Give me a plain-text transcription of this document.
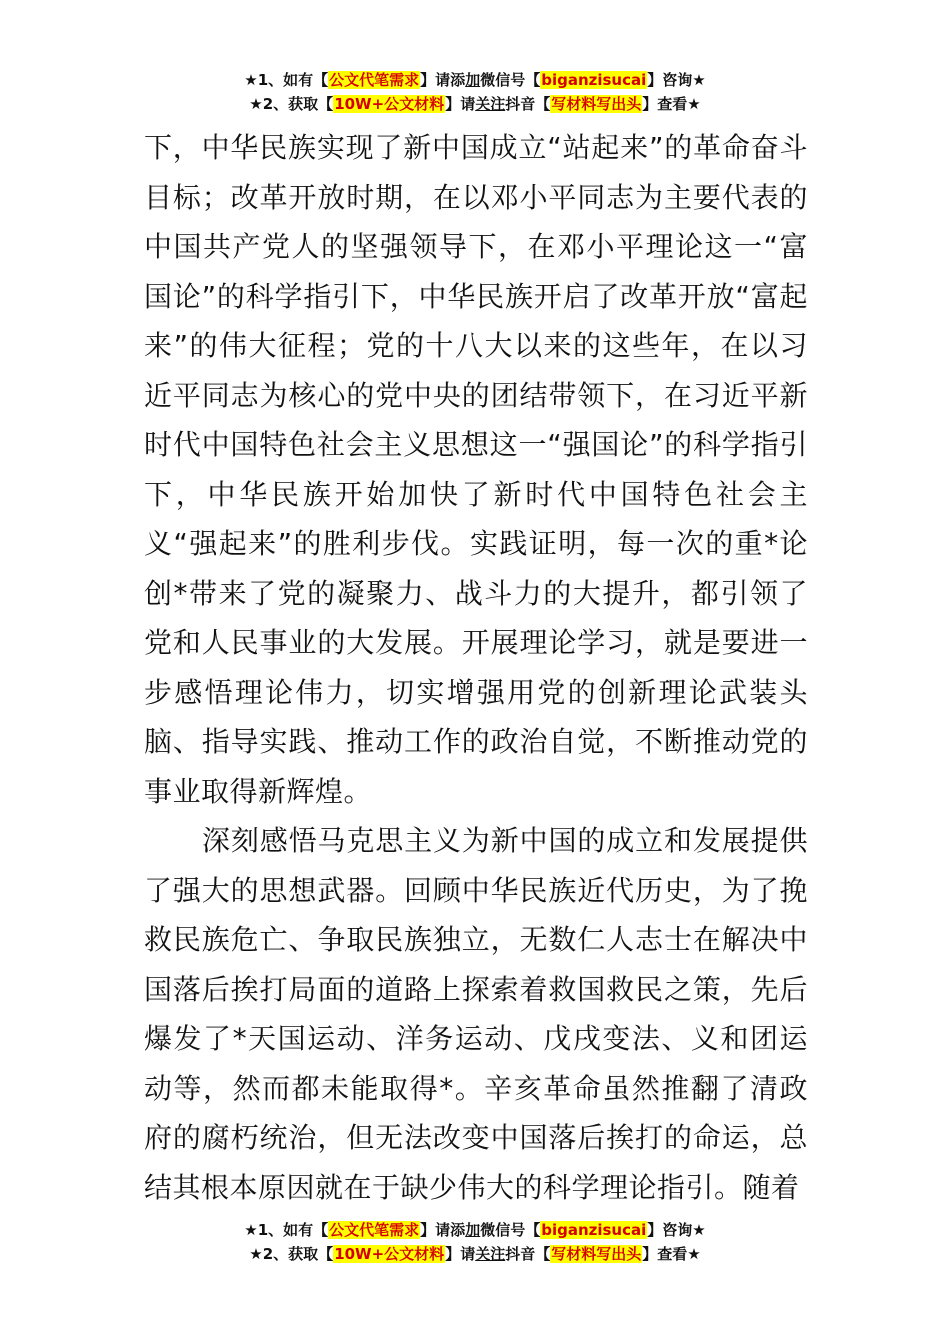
★1、如有【公文代笔需求】请添加微信号【biganzisucai】咨询★
★2、获取【10W+公文材料】请关注抖音【写材料写出头】查看★

下，中华民族实现了新中国成立“站起来”的革命奋斗目标；改革开放时期，在以邓小平同志为主要代表的中国共产党人的坚强领导下，在邓小平理论这一“富国论”的科学指引下，中华民族开启了改革开放“富起来”的伟大征程；党的十八大以来的这些年，在以习近平同志为核心的党中央的团结带领下，在习近平新时代中国特色社会主义思想这一“强国论”的科学指引下，中华民族开始加快了新时代中国特色社会主义“强起来”的胜利步伐。实践证明，每一次的重*论创*带来了党的凝聚力、战斗力的大提升，都引领了党和人民事业的大发展。开展理论学习，就是要进一步感悟理论伟力，切实增强用党的创新理论武装头脑、指导实践、推动工作的政治自觉，不断推动党的事业取得新辉煌。

深刻感悟马克思主义为新中国的成立和发展提供了强大的思想武器。回顾中华民族近代历史，为了挽救民族危亡、争取民族独立，无数仁人志士在解决中国落后挨打局面的道路上探索着救国救民之策，先后爆发了*天国运动、洋务运动、戊戌变法、义和团运动等，然而都未能取得*。辛亥革命虽然推翻了清政府的腐朽统治，但无法改变中国落后挨打的命运，总结其根本原因就在于缺少伟大的科学理论指引。随着

★1、如有【公文代笔需求】请添加微信号【biganzisucai】咨询★
★2、获取【10W+公文材料】请关注抖音【写材料写出头】查看★
